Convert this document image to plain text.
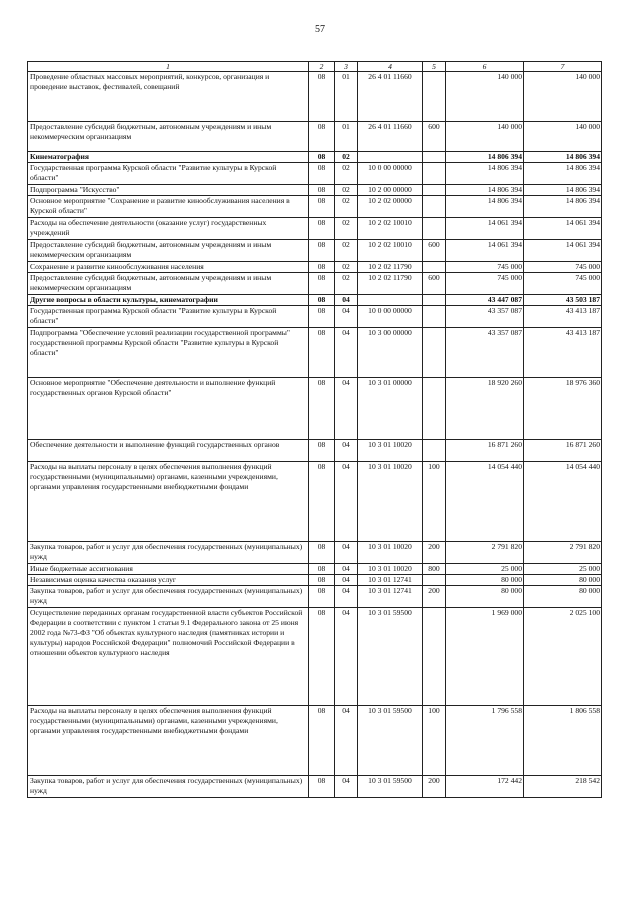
57
1	2	3	4	5	6	7
Проведение областных массовых мероприятий, конкурсов, организация и проведение выставок, фестивалей, совещаний	08	01	26 4 01 11660		140 000	140 000
Предоставление субсидий бюджетным, автономным учреждениям и иным некоммерческим организациям	08	01	26 4 01 11660	600	140 000	140 000
Кинематография	08	02			14 806 394	14 806 394
Государственная программа Курской области "Развитие культуры в Курской области"	08	02	10 0 00 00000		14 806 394	14 806 394
Подпрограмма "Искусство"	08	02	10 2 00 00000		14 806 394	14 806 394
Основное мероприятие "Сохранение и развитие кинообслуживания населения в Курской области"	08	02	10 2 02 00000		14 806 394	14 806 394
Расходы на обеспечение деятельности (оказание услуг) государственных учреждений	08	02	10 2 02 10010		14 061 394	14 061 394
Предоставление субсидий бюджетным, автономным учреждениям и иным некоммерческим организациям	08	02	10 2 02 10010	600	14 061 394	14 061 394
Сохранение и развитие кинообслуживания населения	08	02	10 2 02 11790		745 000	745 000
Предоставление субсидий бюджетным, автономным учреждениям и иным некоммерческим организациям	08	02	10 2 02 11790	600	745 000	745 000
Другие вопросы в области культуры, кинематографии	08	04			43 447 087	43 503 187
Государственная программа Курской области "Развитие культуры в Курской области"	08	04	10 0 00 00000		43 357 087	43 413 187
Подпрограмма "Обеспечение условий реализации государственной программы" государственной программы Курской области "Развитие культуры в Курской области"	08	04	10 3 00 00000		43 357 087	43 413 187
Основное мероприятие "Обеспечение деятельности и выполнение функций государственных органов Курской области"	08	04	10 3 01 00000		18 920 260	18 976 360
Обеспечение деятельности и выполнение функций государственных органов	08	04	10 3 01 10020		16 871 260	16 871 260
Расходы на выплаты персоналу в целях обеспечения выполнения функций государственными (муниципальными) органами, казенными учреждениями, органами управления государственными внебюджетными фондами	08	04	10 3 01 10020	100	14 054 440	14 054 440
Закупка товаров, работ и услуг для обеспечения государственных (муниципальных) нужд	08	04	10 3 01 10020	200	2 791 820	2 791 820
Иные бюджетные ассигнования	08	04	10 3 01 10020	800	25 000	25 000
Независимая оценка качества оказания услуг	08	04	10 3 01 12741		80 000	80 000
Закупка товаров, работ и услуг для обеспечения государственных (муниципальных) нужд	08	04	10 3 01 12741	200	80 000	80 000
Осуществление переданных органам государственной власти субъектов Российской Федерации в соответствии с пунктом 1 статьи 9.1 Федерального закона от 25 июня 2002 года №73-ФЗ "Об объектах культурного наследия (памятниках истории и культуры) народов Российской Федерации" полномочий Российской Федерации в отношении объектов культурного наследия	08	04	10 3 01 59500		1 969 000	2 025 100
Расходы на выплаты персоналу в целях обеспечения выполнения функций государственными (муниципальными) органами, казенными учреждениями, органами управления государственными внебюджетными фондами	08	04	10 3 01 59500	100	1 796 558	1 806 558
Закупка товаров, работ и услуг для обеспечения государственных (муниципальных) нужд	08	04	10 3 01 59500	200	172 442	218 542
